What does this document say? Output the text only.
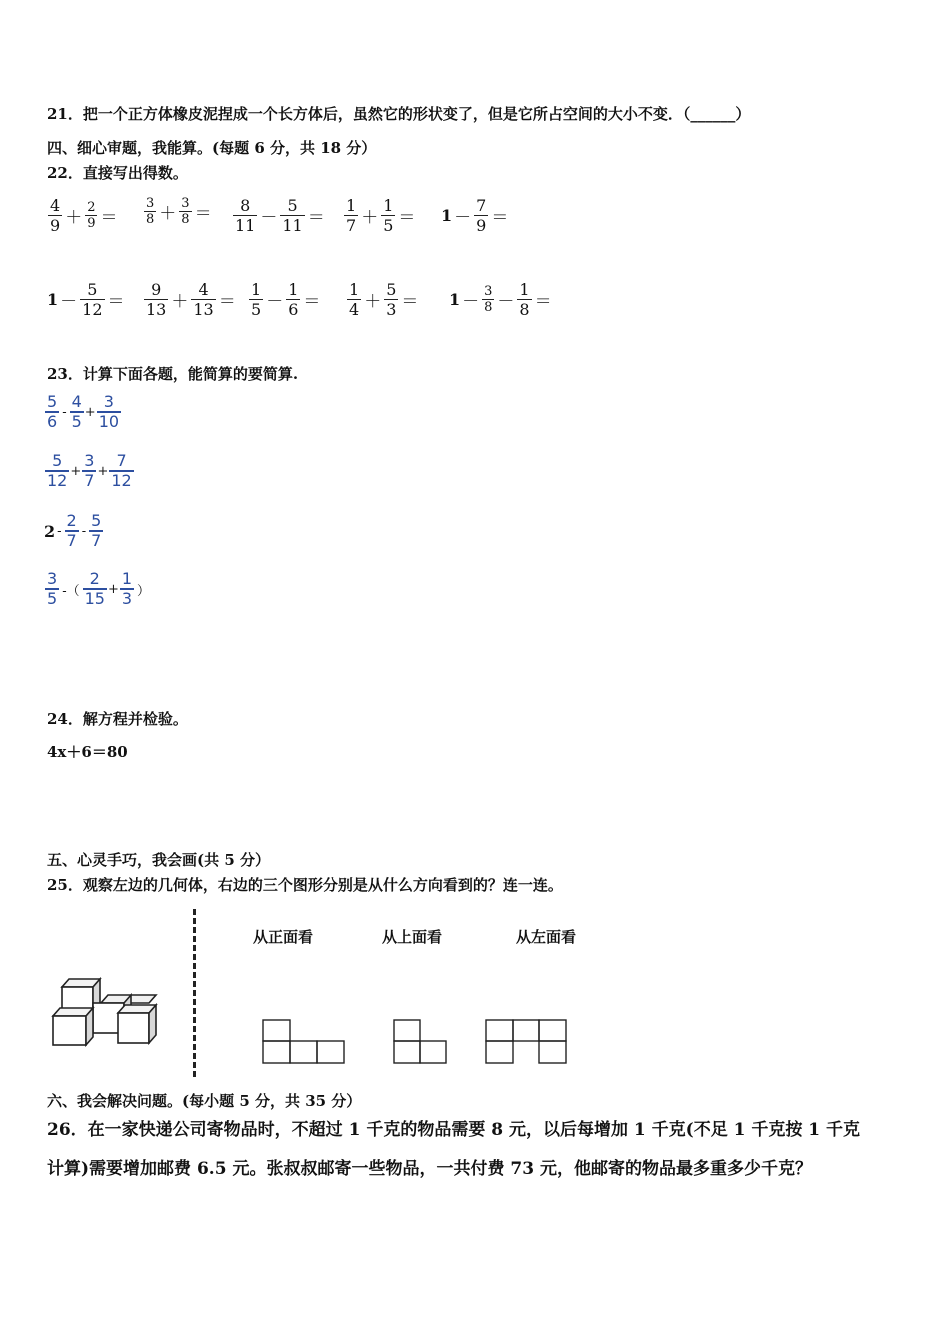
21．把一个正方体橡皮泥捏成一个长方体后，虽然它的形状变了，但是它所占空间的大小不变．（______）
四、细心审题，我能算。(每题 6 分，共 18 分）
22．直接写出得数。
$\frac{4}{9} + \frac{2}{9} = \frac{3}{8} + \frac{3}{8} = \frac{8}{11} - \frac{5}{11} = \frac{1}{7} + \frac{1}{5} = 1 - \frac{7}{9}$ ＝
$1 - \frac{5}{12} = \frac{9}{13} + \frac{4}{13} = \frac{1}{5} - \frac{1}{6} = \frac{1}{4} + \frac{5}{3} = 1 - \frac{3}{8} - \frac{1}{8}$ ＝
23．计算下面各题，能简算的要简算.
$\frac{5}{6} - \frac{4}{5} + \frac{3}{10}$
$\frac{5}{12} + \frac{3}{7} + \frac{7}{12}$
$2 - \frac{2}{7} - \frac{5}{7}$
$\frac{3}{5}$ -（ $\frac{2}{15} + \frac{1}{3}$ ）
24．解方程并检验。
4x＋6＝80
五、心灵手巧，我会画(共 5 分）
25．观察左边的几何体，右边的三个图形分别是从什么方向看到的？连一连。
从正面看	从上面看	从左面看
六、我会解决问题。(每小题 5 分，共 35 分）
26．在一家快递公司寄物品时，不超过 1 千克的物品需要 8 元，以后每增加 1 千克(不足 1 千克按 1 千克
计算)需要增加邮费 6.5 元。张叔叔邮寄一些物品，一共付费 73 元，他邮寄的物品最多重多少千克？
